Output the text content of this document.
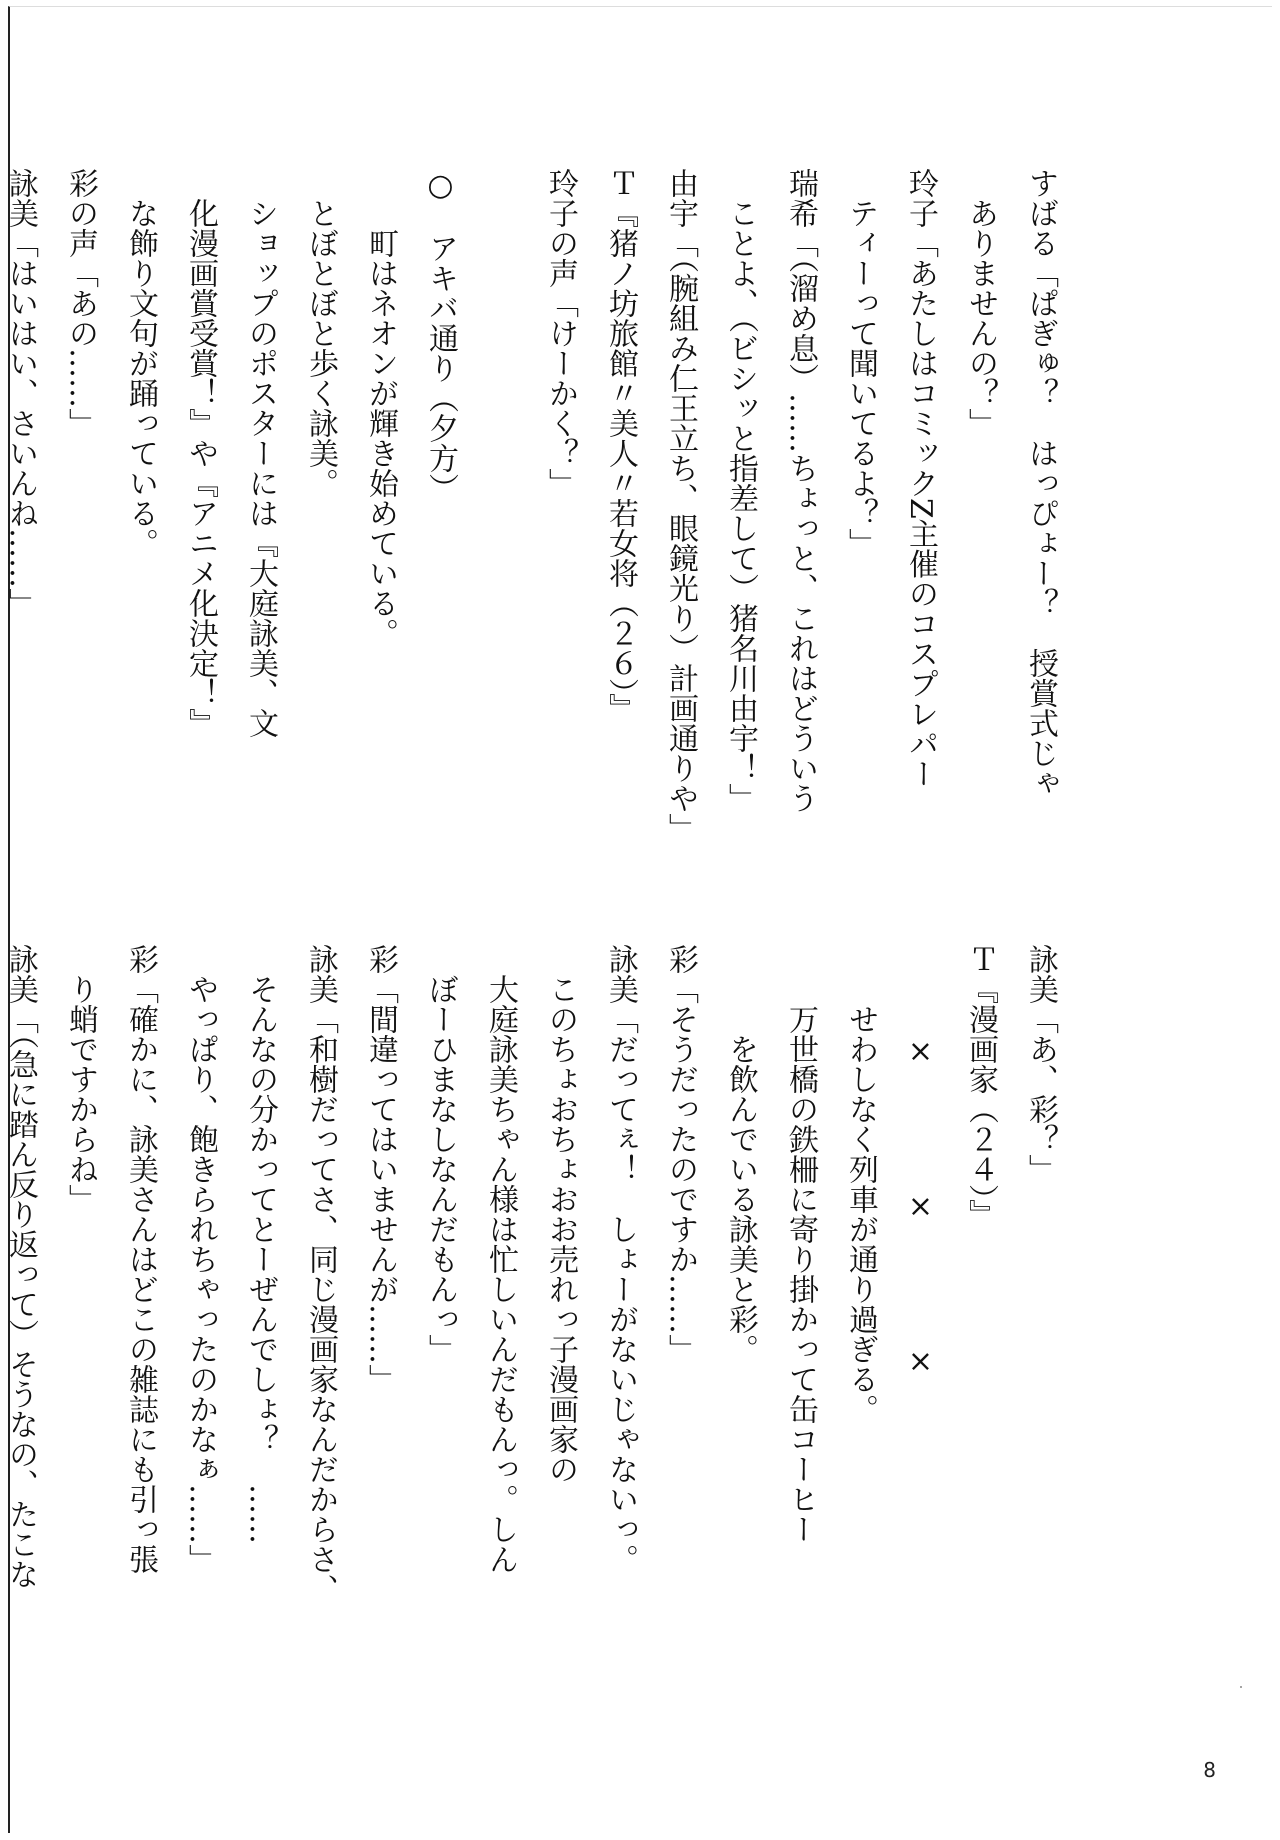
すばる「ぱぎゅ？　はっぴょー？　授賞式じゃ
ありませんの？」
玲子「あたしはコミックZ主催のコスプレパー
ティーって聞いてるよ？」
瑞希「（溜め息）……ちょっと、これはどういう
ことよ、（ビシッと指差して）猪名川由宇！」
由宇「（腕組み仁王立ち、眼鏡光り）計画通りや」
Ｔ『猪ノ坊旅館〃美人〃若女将（２６）』
玲子の声「けーかく？」
○　アキバ通り（夕方）
町はネオンが輝き始めている。
とぼとぼと歩く詠美。
ショップのポスターには『大庭詠美、文
化漫画賞受賞！』や『アニメ化決定！』
な飾り文句が踊っている。
彩の声「あの……」
詠美「はいはい、さいんね……」
詠美「あ、彩？」
Ｔ『漫画家（２４）』
×　　　　×　　　　×
せわしなく列車が通り過ぎる。
万世橋の鉄柵に寄り掛かって缶コーヒー
を飲んでいる詠美と彩。
彩「そうだったのですか……」
詠美「だってぇ！　しょーがないじゃないっ。
このちょおちょおお売れっ子漫画家の
大庭詠美ちゃん様は忙しいんだもんっ。しん
ぼーひまなしなんだもんっ」
彩「間違ってはいませんが……」
詠美「和樹だってさ、同じ漫画家なんだからさ、
そんなの分かってとーぜんでしょ？　……
やっぱり、飽きられちゃったのかなぁ……」
彩「確かに、詠美さんはどこの雑誌にも引っ張
り蛸ですからね」
詠美「（急に踏ん反り返って）そうなの、たこな
8
